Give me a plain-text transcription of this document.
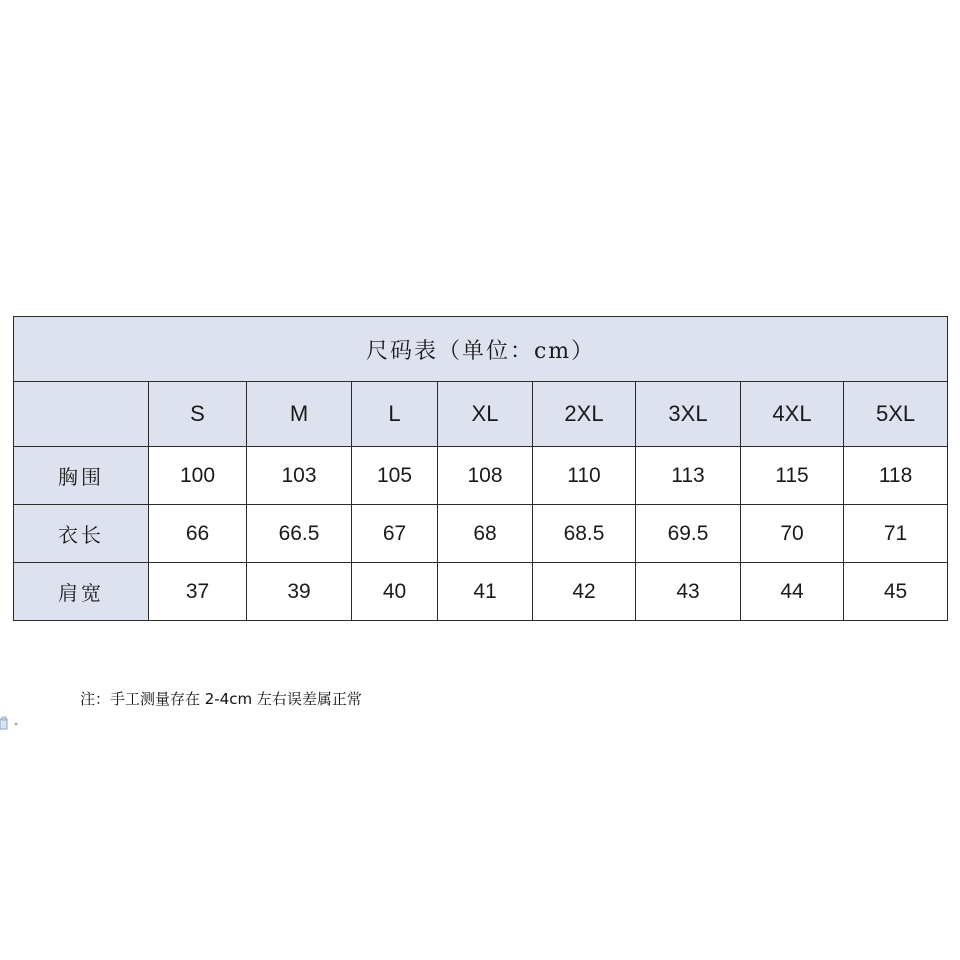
尺码表（单位：cm）								
	S	M	L	XL	2XL	3XL	4XL	5XL
胸围	100	103	105	108	110	113	115	118
衣长	66	66.5	67	68	68.5	69.5	70	71
肩宽	37	39	40	41	42	43	44	45
注：手工测量存在 2-4cm 左右误差属正常
